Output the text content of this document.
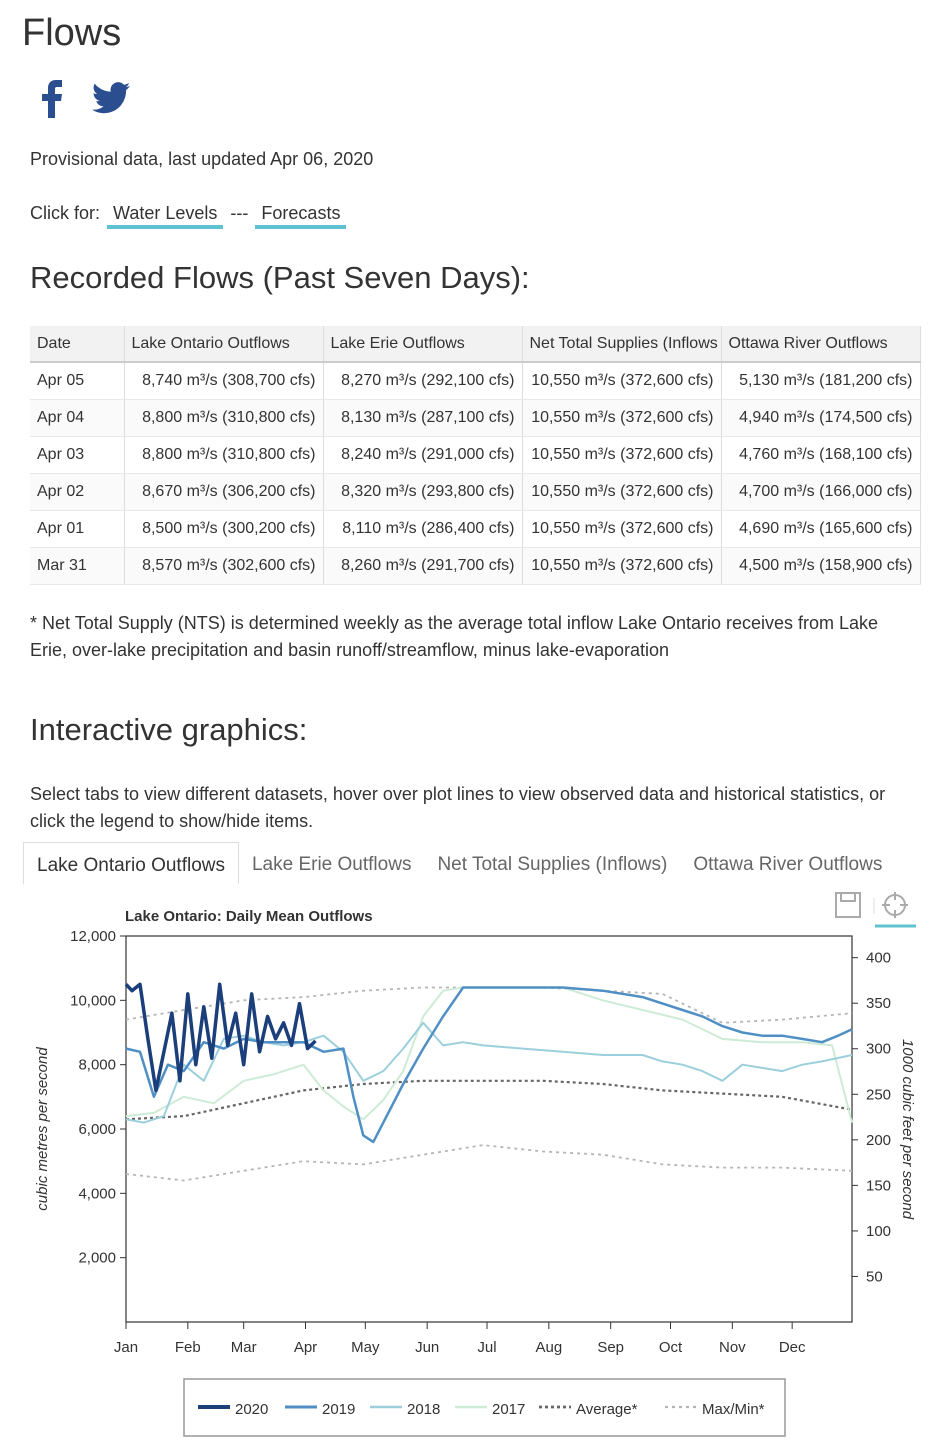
Flows
Provisional data, last updated Apr 06, 2020
Click for: Water Levels --- Forecasts
Recorded Flows (Past Seven Days):
Date	Lake Ontario Outflows	Lake Erie Outflows	Net Total Supplies (Inflows	Ottawa River Outflows
Apr 05	8,740 m³/s (308,700 cfs)	8,270 m³/s (292,100 cfs)	10,550 m³/s (372,600 cfs)	5,130 m³/s (181,200 cfs)
Apr 04	8,800 m³/s (310,800 cfs)	8,130 m³/s (287,100 cfs)	10,550 m³/s (372,600 cfs)	4,940 m³/s (174,500 cfs)
Apr 03	8,800 m³/s (310,800 cfs)	8,240 m³/s (291,000 cfs)	10,550 m³/s (372,600 cfs)	4,760 m³/s (168,100 cfs)
Apr 02	8,670 m³/s (306,200 cfs)	8,320 m³/s (293,800 cfs)	10,550 m³/s (372,600 cfs)	4,700 m³/s (166,000 cfs)
Apr 01	8,500 m³/s (300,200 cfs)	8,110 m³/s (286,400 cfs)	10,550 m³/s (372,600 cfs)	4,690 m³/s (165,600 cfs)
Mar 31	8,570 m³/s (302,600 cfs)	8,260 m³/s (291,700 cfs)	10,550 m³/s (372,600 cfs)	4,500 m³/s (158,900 cfs)
* Net Total Supply (NTS) is determined weekly as the average total inflow Lake Ontario receives from Lake Erie, over-lake precipitation and basin runoff/streamflow, minus lake-evaporation
Interactive graphics:
Select tabs to view different datasets, hover over plot lines to view observed data and historical statistics, or click the legend to show/hide items.
Lake Ontario Outflows	Lake Erie Outflows	Net Total Supplies (Inflows)	Ottawa River Outflows
Lake Ontario: Daily Mean Outflows
2,000
4,000
6,000
8,000
10,000
12,000
50
100
150
200
250
300
350
400
Jan Feb Mar Apr May Jun	Jul	Aug Sep Oct Nov Dec
cubic metres per second	1000 cubic feet per second
2020	2019	2018	2017	Average*	Max/Min*
